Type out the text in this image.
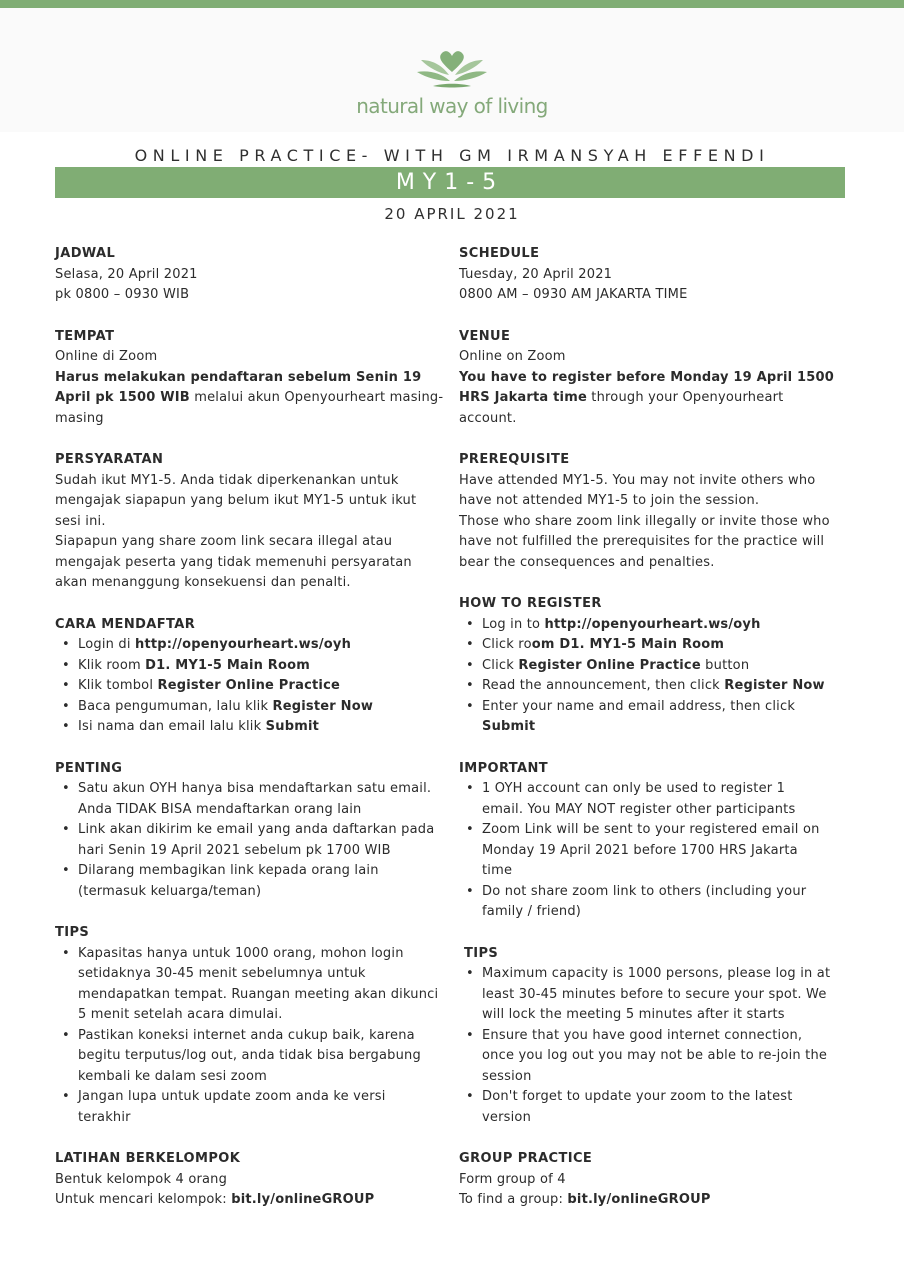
natural way of living
ONLINE PRACTICE- WITH GM IRMANSYAH EFFENDI
MY1-5
20 APRIL 2021
JADWAL
Selasa, 20 April 2021
pk 0800 – 0930 WIB
TEMPAT
Online di Zoom
Harus melakukan pendaftaran sebelum Senin 19
April pk 1500 WIB melalui akun Openyourheart masing-
masing
PERSYARATAN
Sudah ikut MY1-5. Anda tidak diperkenankan untuk
mengajak siapapun yang belum ikut MY1-5 untuk ikut
sesi ini.
Siapapun yang share zoom link secara illegal atau
mengajak peserta yang tidak memenuhi persyaratan
akan menanggung konsekuensi dan penalti.
CARA MENDAFTAR
• Login di http://openyourheart.ws/oyh
• Klik room D1. MY1-5 Main Room
• Klik tombol Register Online Practice
• Baca pengumuman, lalu klik Register Now
• Isi nama dan email lalu klik Submit
PENTING
• Satu akun OYH hanya bisa mendaftarkan satu email.
Anda TIDAK BISA mendaftarkan orang lain
• Link akan dikirim ke email yang anda daftarkan pada
hari Senin 19 April 2021 sebelum pk 1700 WIB
• Dilarang membagikan link kepada orang lain
(termasuk keluarga/teman)
TIPS
• Kapasitas hanya untuk 1000 orang, mohon login
setidaknya 30-45 menit sebelumnya untuk
mendapatkan tempat. Ruangan meeting akan dikunci
5 menit setelah acara dimulai.
• Pastikan koneksi internet anda cukup baik, karena
begitu terputus/log out, anda tidak bisa bergabung
kembali ke dalam sesi zoom
• Jangan lupa untuk update zoom anda ke versi
terakhir
LATIHAN BERKELOMPOK
Bentuk kelompok 4 orang
Untuk mencari kelompok: bit.ly/onlineGROUP
SCHEDULE
Tuesday, 20 April 2021
0800 AM – 0930 AM JAKARTA TIME
VENUE
Online on Zoom
You have to register before Monday 19 April 1500
HRS Jakarta time through your Openyourheart
account.
PREREQUISITE
Have attended MY1-5. You may not invite others who
have not attended MY1-5 to join the session.
Those who share zoom link illegally or invite those who
have not fulfilled the prerequisites for the practice will
bear the consequences and penalties.
HOW TO REGISTER
• Log in to http://openyourheart.ws/oyh
• Click room D1. MY1-5 Main Room
• Click Register Online Practice button
• Read the announcement, then click Register Now
• Enter your name and email address, then click
Submit
IMPORTANT
• 1 OYH account can only be used to register 1
email. You MAY NOT register other participants
• Zoom Link will be sent to your registered email on
Monday 19 April 2021 before 1700 HRS Jakarta
time
• Do not share zoom link to others (including your
family / friend)
TIPS
• Maximum capacity is 1000 persons, please log in at
least 30-45 minutes before to secure your spot. We
will lock the meeting 5 minutes after it starts
• Ensure that you have good internet connection,
once you log out you may not be able to re-join the
session
• Don't forget to update your zoom to the latest
version
GROUP PRACTICE
Form group of 4
To find a group: bit.ly/onlineGROUP
